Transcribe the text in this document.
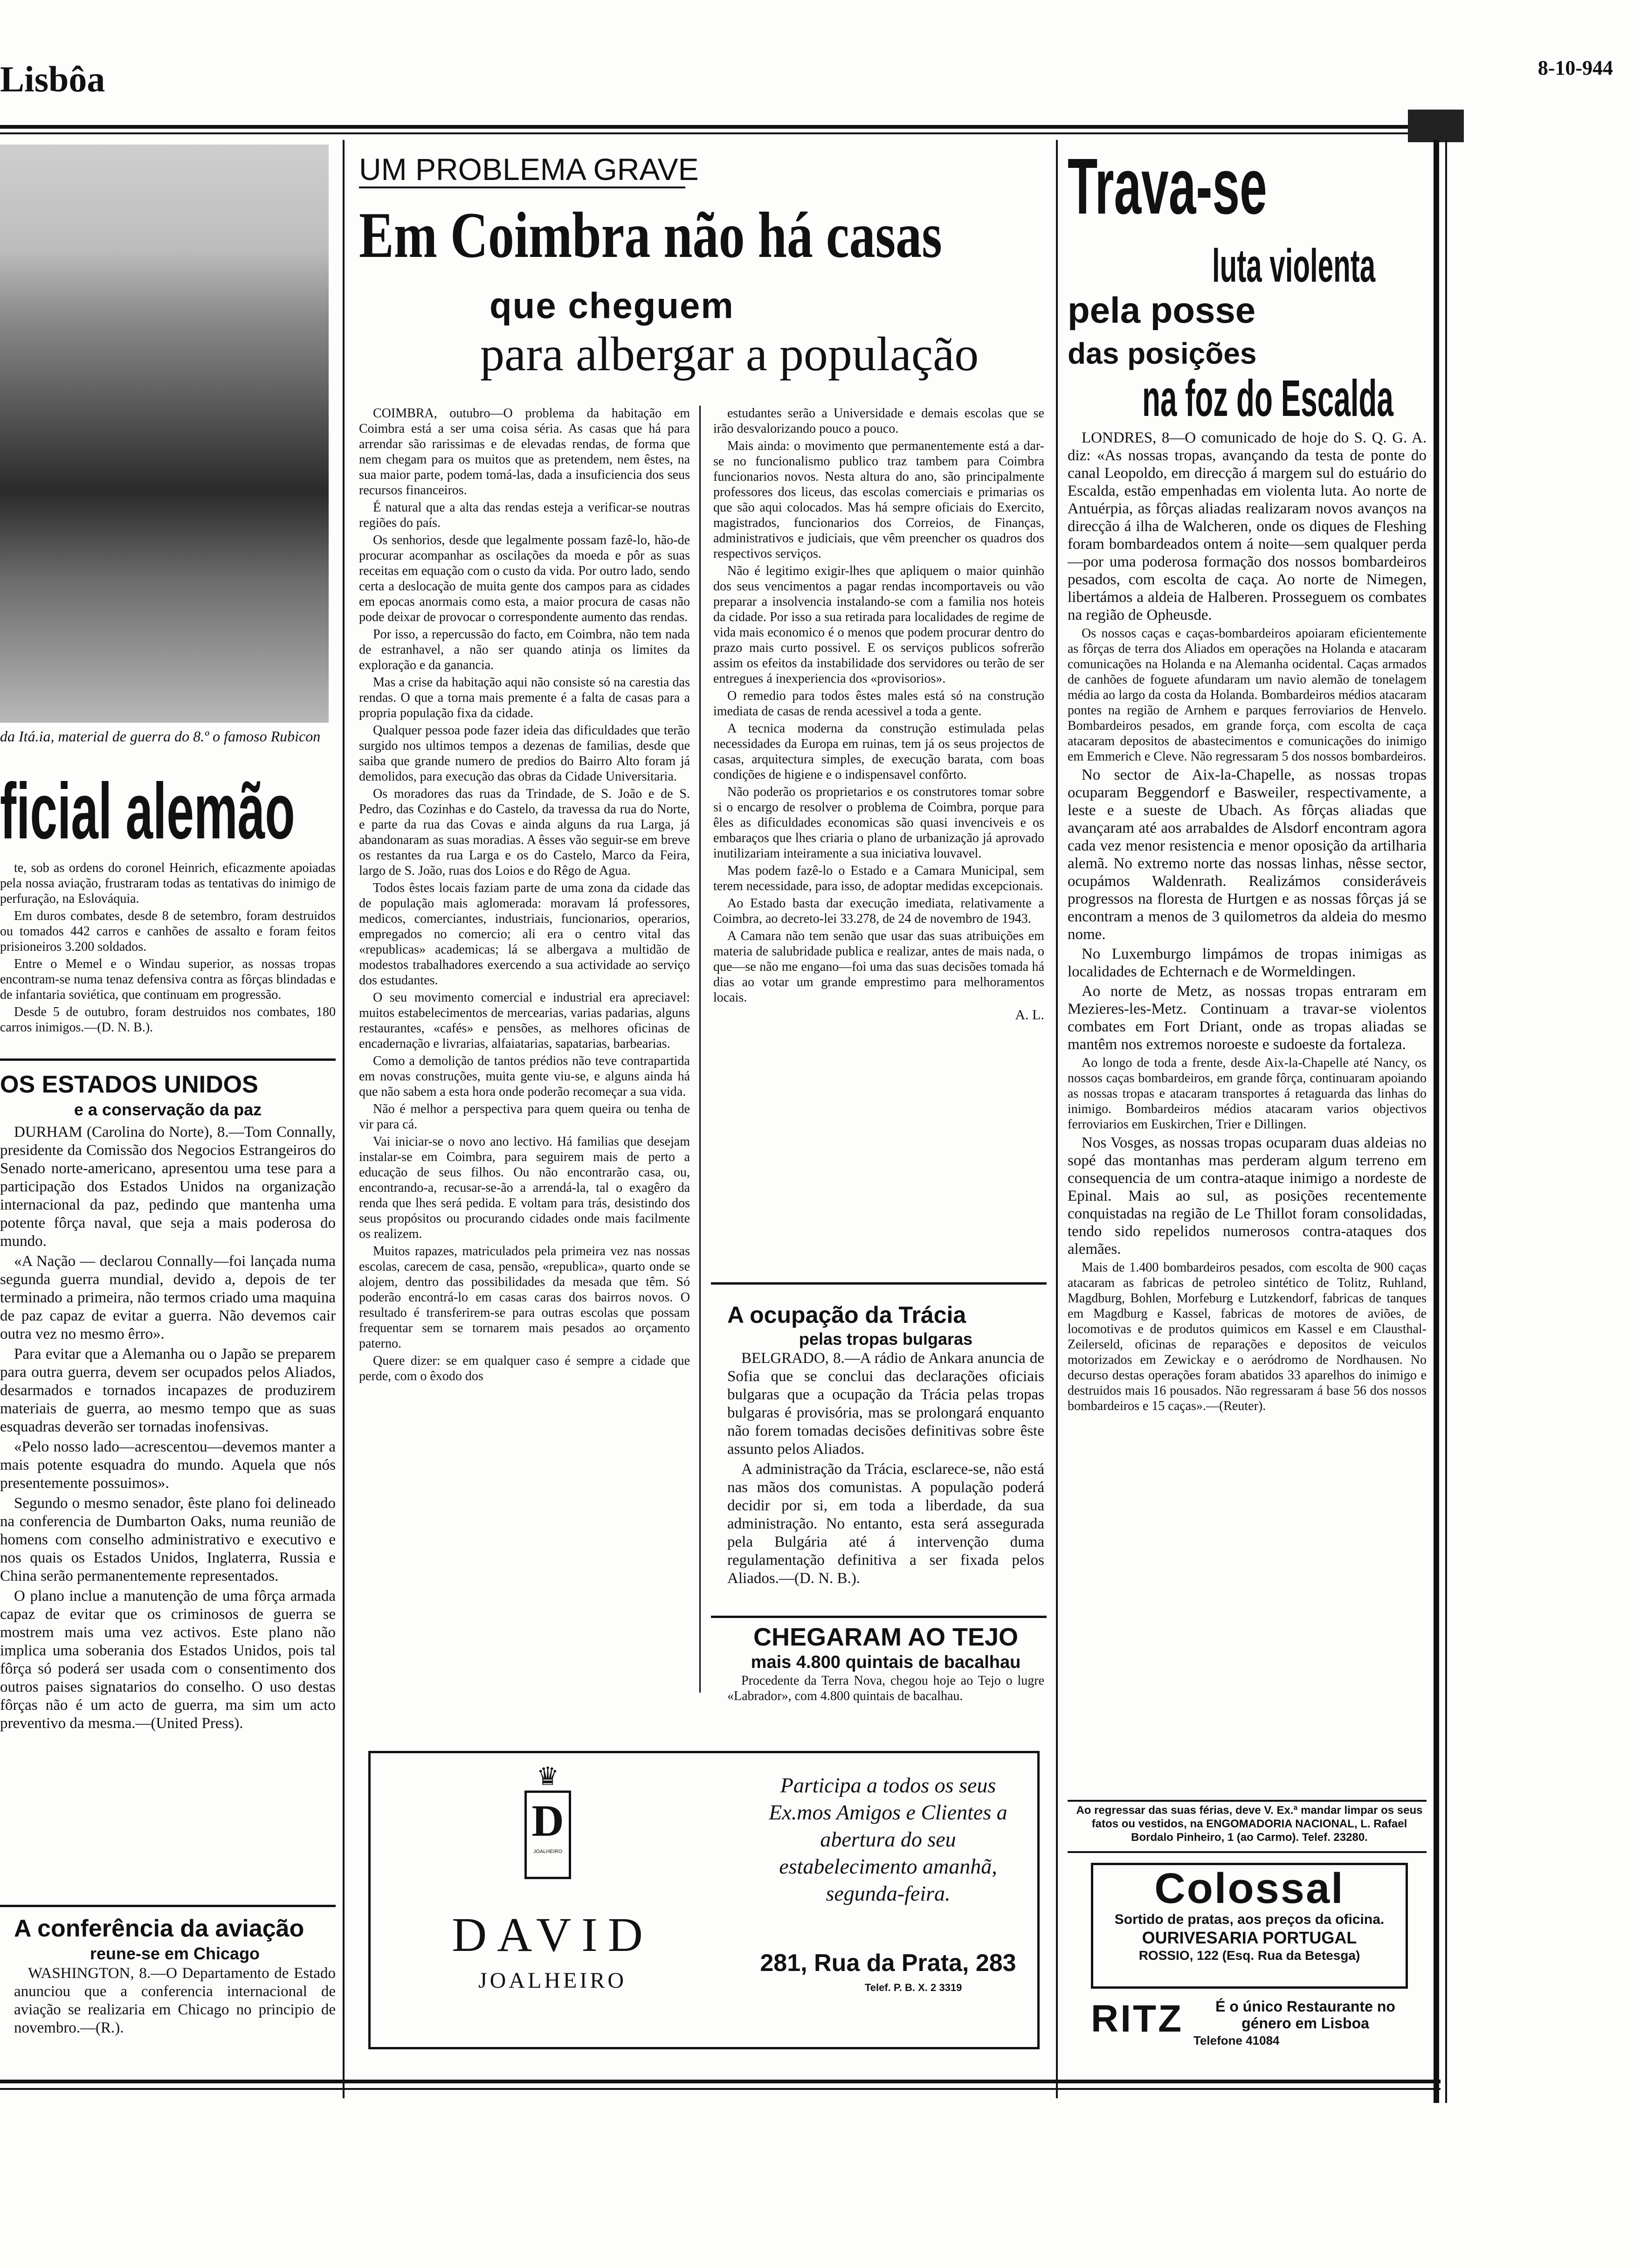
Lisbôa	8-10-944
da Itá.ia, material de guerra do 8.º o famoso Rubicon
ficial alemão

te, sob as ordens do coronel Heinrich, eficazmente apoiadas pela nossa aviação, frustraram todas as tentativas do inimigo de perfuração, na Eslováquia.

Em duros combates, desde 8 de setembro, foram destruidos ou tomados 442 carros e canhões de assalto e foram feitos prisioneiros 3.200 soldados.

Entre o Memel e o Windau superior, as nossas tropas encontram-se numa tenaz defensiva contra as fôrças blindadas e de infantaria soviética, que continuam em progressão.

Desde 5 de outubro, foram destruidos nos combates, 180 carros inimigos.—(D. N. B.).

OS ESTADOS UNIDOS
e a conservação da paz

DURHAM (Carolina do Norte), 8.—Tom Connally, presidente da Comissão dos Negocios Estrangeiros do Senado norte-americano, apresentou uma tese para a participação dos Estados Unidos na organização internacional da paz, pedindo que mantenha uma potente fôrça naval, que seja a mais poderosa do mundo.

«A Nação — declarou Connally—foi lançada numa segunda guerra mundial, devido a, depois de ter terminado a primeira, não termos criado uma maquina de paz capaz de evitar a guerra. Não devemos cair outra vez no mesmo êrro».

Para evitar que a Alemanha ou o Japão se preparem para outra guerra, devem ser ocupados pelos Aliados, desarmados e tornados incapazes de produzirem materiais de guerra, ao mesmo tempo que as suas esquadras deverão ser tornadas inofensivas.

«Pelo nosso lado—acrescentou—devemos manter a mais potente esquadra do mundo. Aquela que nós presentemente possuimos».

Segundo o mesmo senador, êste plano foi delineado na conferencia de Dumbarton Oaks, numa reunião de homens com conselho administrativo e executivo e nos quais os Estados Unidos, Inglaterra, Russia e China serão permanentemente representados.

O plano inclue a manutenção de uma fôrça armada capaz de evitar que os criminosos de guerra se mostrem mais uma vez activos. Este plano não implica uma soberania dos Estados Unidos, pois tal fôrça só poderá ser usada com o consentimento dos outros paises signatarios do conselho. O uso destas fôrças não é um acto de guerra, ma sim um acto preventivo da mesma.—(United Press).

A conferência da aviação
reune-se em Chicago

WASHINGTON, 8.—O Departamento de Estado anunciou que a conferencia internacional de aviação se realizaria em Chicago no principio de novembro.—(R.).

UM PROBLEMA GRAVE
Em Coimbra não há casas
que cheguem
para albergar a população

COIMBRA, outubro—O problema da habitação em Coimbra está a ser uma coisa séria. As casas que há para arrendar são rarissimas e de elevadas rendas, de forma que nem chegam para os muitos que as pretendem, nem êstes, na sua maior parte, podem tomá-las, dada a insuficiencia dos seus recursos financeiros.

É natural que a alta das rendas esteja a verificar-se noutras regiões do país.

Os senhorios, desde que legalmente possam fazê-lo, hão-de procurar acompanhar as oscilações da moeda e pôr as suas receitas em equação com o custo da vida. Por outro lado, sendo certa a deslocação de muita gente dos campos para as cidades em epocas anormais como esta, a maior procura de casas não pode deixar de provocar o correspondente aumento das rendas.

Por isso, a repercussão do facto, em Coimbra, não tem nada de estranhavel, a não ser quando atinja os limites da exploração e da ganancia.

Mas a crise da habitação aqui não consiste só na carestia das rendas. O que a torna mais premente é a falta de casas para a propria população fixa da cidade.

Qualquer pessoa pode fazer ideia das dificuldades que terão surgido nos ultimos tempos a dezenas de familias, desde que saiba que grande numero de predios do Bairro Alto foram já demolidos, para execução das obras da Cidade Universitaria.

Os moradores das ruas da Trindade, de S. João e de S. Pedro, das Cozinhas e do Castelo, da travessa da rua do Norte, e parte da rua das Covas e ainda alguns da rua Larga, já abandonaram as suas moradias. A êsses vão seguir-se em breve os restantes da rua Larga e os do Castelo, Marco da Feira, largo de S. João, ruas dos Loios e do Rêgo de Agua.

Todos êstes locais faziam parte de uma zona da cidade das de população mais aglomerada: moravam lá professores, medicos, comerciantes, industriais, funcionarios, operarios, empregados no comercio; ali era o centro vital das «republicas» academicas; lá se albergava a multidão de modestos trabalhadores exercendo a sua actividade ao serviço dos estudantes.

O seu movimento comercial e industrial era apreciavel: muitos estabelecimentos de mercearias, varias padarias, alguns restaurantes, «cafés» e pensões, as melhores oficinas de encadernação e livrarias, alfaiatarias, sapatarias, barbearias.

Como a demolição de tantos prédios não teve contrapartida em novas construções, muita gente viu-se, e alguns ainda há que não sabem a esta hora onde poderão recomeçar a sua vida.

Não é melhor a perspectiva para quem queira ou tenha de vir para cá.

Vai iniciar-se o novo ano lectivo. Há familias que desejam instalar-se em Coimbra, para seguirem mais de perto a educação de seus filhos. Ou não encontrarão casa, ou, encontrando-a, recusar-se-ão a arrendá-la, tal o exagêro da renda que lhes será pedida. E voltam para trás, desistindo dos seus propósitos ou procurando cidades onde mais facilmente os realizem.

Muitos rapazes, matriculados pela primeira vez nas nossas escolas, carecem de casa, pensão, «republica», quarto onde se alojem, dentro das possibilidades da mesada que têm. Só poderão encontrá-lo em casas caras dos bairros novos. O resultado é transferirem-se para outras escolas que possam frequentar sem se tornarem mais pesados ao orçamento paterno.

Quere dizer: se em qualquer caso é sempre a cidade que perde, com o êxodo dos

estudantes serão a Universidade e demais escolas que se irão desvalorizando pouco a pouco.

Mais ainda: o movimento que permanentemente está a dar-se no funcionalismo publico traz tambem para Coimbra funcionarios novos. Nesta altura do ano, são principalmente professores dos liceus, das escolas comerciais e primarias os que são aqui colocados. Mas há sempre oficiais do Exercito, magistrados, funcionarios dos Correios, de Finanças, administrativos e judiciais, que vêm preencher os quadros dos respectivos serviços.

Não é legitimo exigir-lhes que apliquem o maior quinhão dos seus vencimentos a pagar rendas incomportaveis ou vão preparar a insolvencia instalando-se com a familia nos hoteis da cidade. Por isso a sua retirada para localidades de regime de vida mais economico é o menos que podem procurar dentro do prazo mais curto possivel. E os serviços publicos sofrerão assim os efeitos da instabilidade dos servidores ou terão de ser entregues á inexperiencia dos «provisorios».

O remedio para todos êstes males está só na construção imediata de casas de renda acessivel a toda a gente.

A tecnica moderna da construção estimulada pelas necessidades da Europa em ruinas, tem já os seus projectos de casas, arquitectura simples, de execução barata, com boas condições de higiene e o indispensavel confôrto.

Não poderão os proprietarios e os construtores tomar sobre si o encargo de resolver o problema de Coimbra, porque para êles as dificuldades economicas são quasi invenciveis e os embaraços que lhes criaria o plano de urbanização já aprovado inutilizariam inteiramente a sua iniciativa louvavel.

Mas podem fazê-lo o Estado e a Camara Municipal, sem terem necessidade, para isso, de adoptar medidas excepcionais.

Ao Estado basta dar execução imediata, relativamente a Coimbra, ao decreto-lei 33.278, de 24 de novembro de 1943.

A Camara não tem senão que usar das suas atribuições em materia de salubridade publica e realizar, antes de mais nada, o que—se não me engano—foi uma das suas decisões tomada há dias ao votar um grande emprestimo para melhoramentos locais.

A. L.
A ocupação da Trácia
pelas tropas bulgaras

BELGRADO, 8.—A rádio de Ankara anuncia de Sofia que se conclui das declarações oficiais bulgaras que a ocupação da Trácia pelas tropas bulgaras é provisória, mas se prolongará enquanto não forem tomadas decisões definitivas sobre êste assunto pelos Aliados.

A administração da Trácia, esclarece-se, não está nas mãos dos comunistas. A população poderá decidir por si, em toda a liberdade, da sua administração. No entanto, esta será assegurada pela Bulgária até á intervenção duma regulamentação definitiva a ser fixada pelos Aliados.—(D. N. B.).

CHEGARAM AO TEJO
mais 4.800 quintais de bacalhau

Procedente da Terra Nova, chegou hoje ao Tejo o lugre «Labrador», com 4.800 quintais de bacalhau.

♛
D
JOALHEIRO
DAVID
JOALHEIRO
Participa a todos os seus Ex.mos Amigos e Clientes a abertura do seu estabelecimento amanhã, segunda-feira.
281, Rua da Prata, 283
Telef. P. B. X. 2 3319
Trava-se
luta violenta
pela posse
das posições
na foz do Escalda

LONDRES, 8—O comunicado de hoje do S. Q. G. A. diz: «As nossas tropas, avançando da testa de ponte do canal Leopoldo, em direcção á margem sul do estuário do Escalda, estão empenhadas em violenta luta. Ao norte de Antuérpia, as fôrças aliadas realizaram novos avanços na direcção á ilha de Walcheren, onde os diques de Fleshing foram bombardeados ontem á noite—sem qualquer perda—por uma poderosa formação dos nossos bombardeiros pesados, com escolta de caça. Ao norte de Nimegen, libertámos a aldeia de Halberen. Prosseguem os combates na região de Opheusde.

Os nossos caças e caças-bombardeiros apoiaram eficientemente as fôrças de terra dos Aliados em operações na Holanda e atacaram comunicações na Holanda e na Alemanha ocidental. Caças armados de canhões de foguete afundaram um navio alemão de tonelagem média ao largo da costa da Holanda. Bombardeiros médios atacaram pontes na região de Arnhem e parques ferroviarios de Henvelo. Bombardeiros pesados, em grande força, com escolta de caça atacaram depositos de abastecimentos e comunicações do inimigo em Emmerich e Cleve. Não regressaram 5 dos nossos bombardeiros.

No sector de Aix-la-Chapelle, as nossas tropas ocuparam Beggendorf e Basweiler, respectivamente, a leste e a sueste de Ubach. As fôrças aliadas que avançaram até aos arrabaldes de Alsdorf encontram agora cada vez menor resistencia e menor oposição da artilharia alemã. No extremo norte das nossas linhas, nêsse sector, ocupámos Waldenrath. Realizámos consideráveis progressos na floresta de Hurtgen e as nossas fôrças já se encontram a menos de 3 quilometros da aldeia do mesmo nome.

No Luxemburgo limpámos de tropas inimigas as localidades de Echternach e de Wormeldingen.

Ao norte de Metz, as nossas tropas entraram em Mezieres-les-Metz. Continuam a travar-se violentos combates em Fort Driant, onde as tropas aliadas se mantêm nos extremos noroeste e sudoeste da fortaleza.

Ao longo de toda a frente, desde Aix-la-Chapelle até Nancy, os nossos caças bombardeiros, em grande fôrça, continuaram apoiando as nossas tropas e atacaram transportes á retaguarda das linhas do inimigo. Bombardeiros médios atacaram varios objectivos ferroviarios em Euskirchen, Trier e Dillingen.

Nos Vosges, as nossas tropas ocuparam duas aldeias no sopé das montanhas mas perderam algum terreno em consequencia de um contra-ataque inimigo a nordeste de Epinal. Mais ao sul, as posições recentemente conquistadas na região de Le Thillot foram consolidadas, tendo sido repelidos numerosos contra-ataques dos alemães.

Mais de 1.400 bombardeiros pesados, com escolta de 900 caças atacaram as fabricas de petroleo sintético de Tolitz, Ruhland, Magdburg, Bohlen, Morfeburg e Lutzkendorf, fabricas de tanques em Magdburg e Kassel, fabricas de motores de aviões, de locomotivas e de produtos quimicos em Kassel e em Clausthal-Zeilerseld, oficinas de reparações e depositos de veiculos motorizados em Zewickay e o aeródromo de Nordhausen. No decurso destas operações foram abatidos 33 aparelhos do inimigo e destruidos mais 16 pousados. Não regressaram á base 56 dos nossos bombardeiros e 15 caças».—(Reuter).

Ao regressar das suas férias, deve V. Ex.ª mandar limpar os seus fatos ou vestidos, na ENGOMADORIA NACIONAL, L. Rafael Bordalo Pinheiro, 1 (ao Carmo). Telef. 23280.
Colossal
Sortido de pratas, aos preços da oficina.
OURIVESARIA PORTUGAL
ROSSIO, 122 (Esq. Rua da Betesga)
RITZ	É o único Restaurante no género em Lisboa
Telefone 41084
